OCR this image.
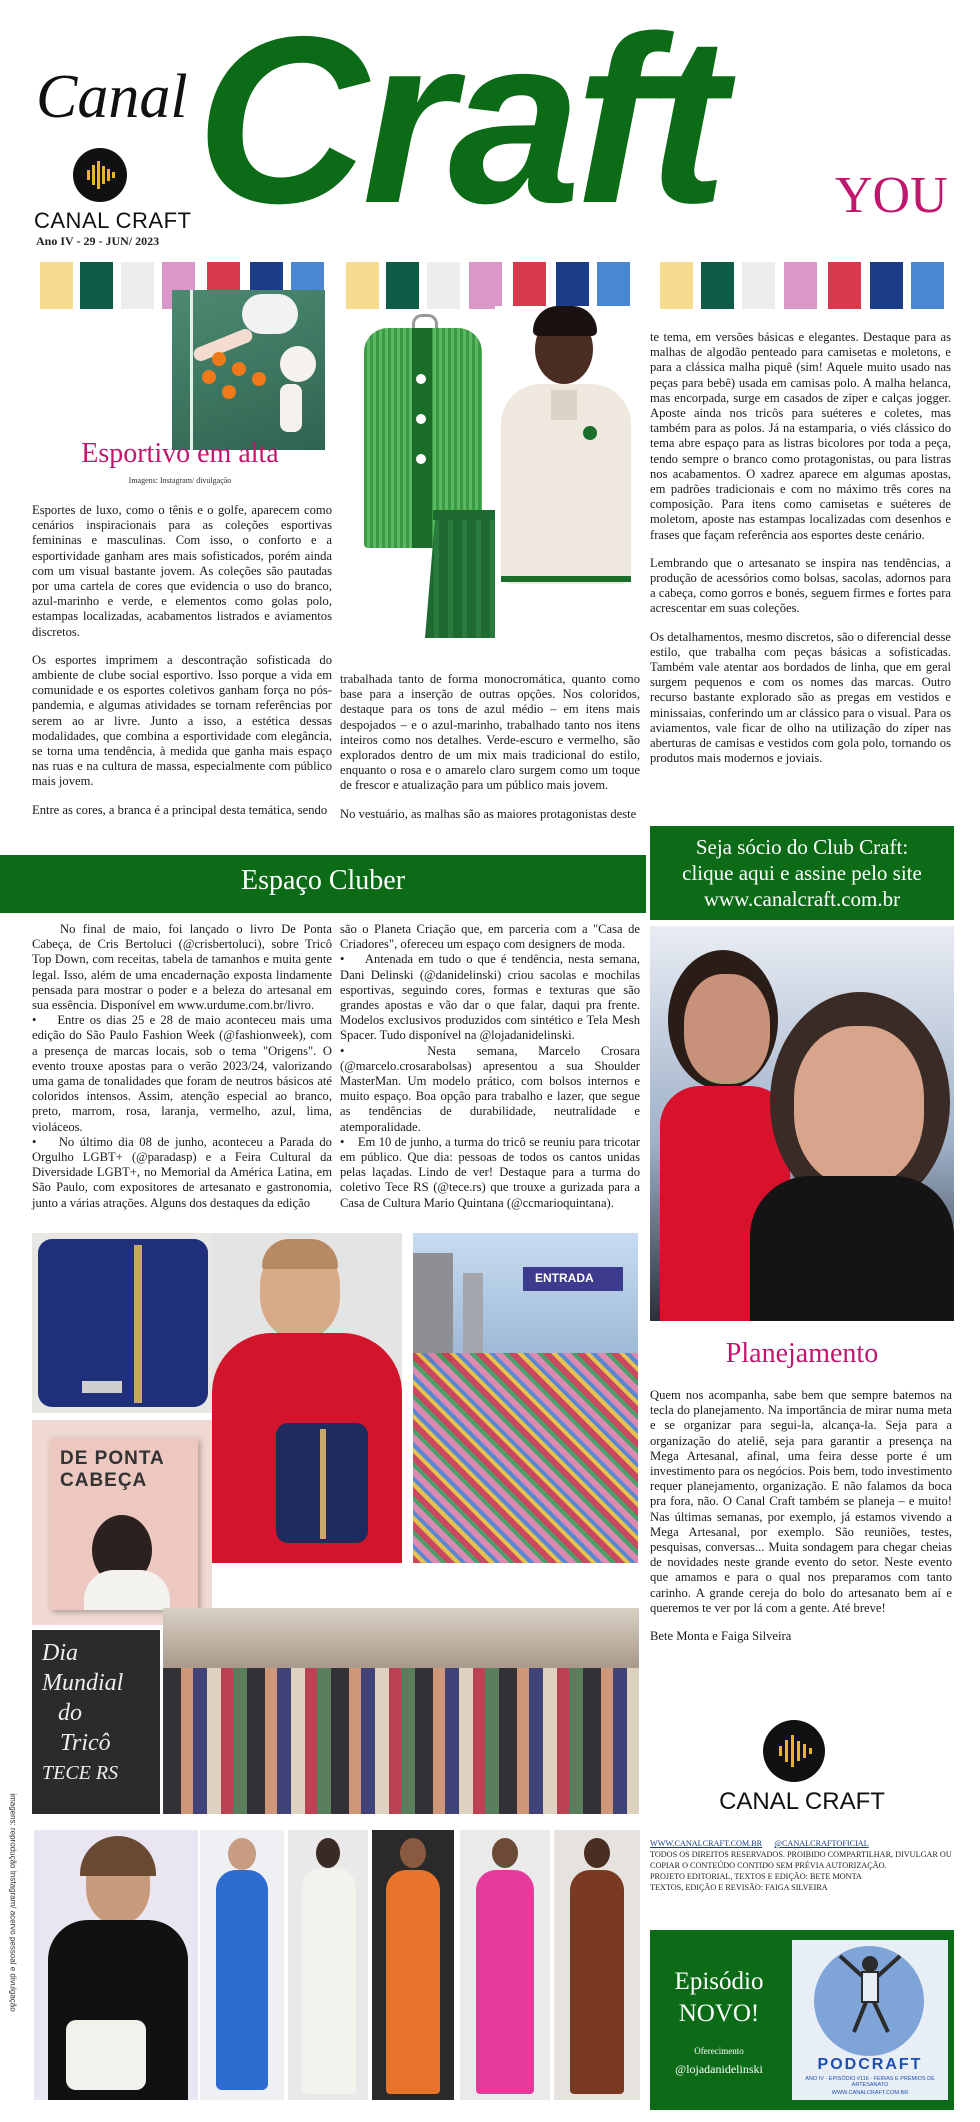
Canal Craft YOU
CANAL CRAFT
Ano IV - 29 - JUN/ 2023
Esportivo em alta
Imagens: Instagram/ divulgação

Esportes de luxo, como o tênis e o golfe, aparecem como cenários inspiracionais para as coleções esportivas femininas e masculinas. Com isso, o conforto e a esportividade ganham ares mais sofisticados, porém ainda com um visual bastante jovem. As coleções são pautadas por uma cartela de cores que evidencia o uso do branco, azul-marinho e verde, e elementos como golas polo, estampas localizadas, acabamentos listrados e aviamentos discretos.

Os esportes imprimem a descontração sofisticada do ambiente de clube social esportivo. Isso porque a vida em comunidade e os esportes coletivos ganham força no pós-pandemia, e algumas atividades se tornam referências por serem ao ar livre. Junto a isso, a estética dessas modalidades, que combina a esportividade com elegância, se torna uma tendência, à medida que ganha mais espaço nas ruas e na cultura de massa, especialmente com público mais jovem.

Entre as cores, a branca é a principal desta temática, sendo

trabalhada tanto de forma monocromática, quanto como base para a inserção de outras opções. Nos coloridos, destaque para os tons de azul médio – em itens mais despojados – e o azul-marinho, trabalhado tanto nos itens inteiros como nos detalhes. Verde-escuro e vermelho, são explorados dentro de um mix mais tradicional do estilo, enquanto o rosa e o amarelo claro surgem como um toque de frescor e atualização para um público mais jovem.

No vestuário, as malhas são as maiores protagonistas deste

te tema, em versões básicas e elegantes. Destaque para as malhas de algodão penteado para camisetas e moletons, e para a clássica malha piquê (sim! Aquele muito usado nas peças para bebê) usada em camisas polo. A malha helanca, mas encorpada, surge em casados de zíper e calças jogger. Aposte ainda nos tricôs para suéteres e coletes, mas também para as polos. Já na estamparia, o viés clássico do tema abre espaço para as listras bicolores por toda a peça, tendo sempre o branco como protagonistas, ou para listras nos acabamentos. O xadrez aparece em algumas apostas, em padrões tradicionais e com no máximo três cores na composição. Para itens como camisetas e suéteres de moletom, aposte nas estampas localizadas com desenhos e frases que façam referência aos esportes deste cenário.

Lembrando que o artesanato se inspira nas tendências, a produção de acessórios como bolsas, sacolas, adornos para a cabeça, como gorros e bonés, seguem firmes e fortes para acrescentar em suas coleções.

Os detalhamentos, mesmo discretos, são o diferencial desse estilo, que trabalha com peças básicas a sofisticadas. Também vale atentar aos bordados de linha, que em geral surgem pequenos e com os nomes das marcas. Outro recurso bastante explorado são as pregas em vestidos e minissaias, conferindo um ar clássico para o visual. Para os aviamentos, vale ficar de olho na utilização do zíper nas aberturas de camisas e vestidos com gola polo, tornando os produtos mais modernos e joviais.

Espaço Cluber
Seja sócio do Club Craft:
clique aqui e assine pelo site
www.canalcraft.com.br

No final de maio, foi lançado o livro De Ponta Cabeça, de Cris Bertoluci (@crisbertoluci), sobre Tricô Top Down, com receitas, tabela de tamanhos e muita gente legal. Isso, além de uma encadernação exposta lindamente pensada para mostrar o poder e a beleza do artesanal em sua essência. Disponível em www.urdume.com.br/livro.

•    Entre os dias 25 e 28 de maio aconteceu mais uma edição do São Paulo Fashion Week (@fashionweek), com a presença de marcas locais, sob o tema "Origens". O evento trouxe apostas para o verão 2023/24, valorizando uma gama de tonalidades que foram de neutros básicos até coloridos intensos. Assim, atenção especial ao branco, preto, marrom, rosa, laranja, vermelho, azul, lima, violáceos.

•    No último dia 08 de junho, aconteceu a Parada do Orgulho LGBT+ (@paradasp) e a Feira Cultural da Diversidade LGBT+, no Memorial da América Latina, em São Paulo, com expositores de artesanato e gastronomia, junto a várias atrações. Alguns dos destaques da edição

são o Planeta Criação que, em parceria com a "Casa de Criadores", ofereceu um espaço com designers de moda.

•    Antenada em tudo o que é tendência, nesta semana, Dani Delinski (@danidelinski) criou sacolas e mochilas esportivas, seguindo cores, formas e texturas que são grandes apostas e vão dar o que falar, daqui pra frente. Modelos exclusivos produzidos com sintético e Tela Mesh Spacer. Tudo disponível na @lojadanidelinski.

•    Nesta semana, Marcelo Crosara (@marcelo.crosarabolsas) apresentou a sua Shoulder MasterMan. Um modelo prático, com bolsos internos e muito espaço. Boa opção para trabalho e lazer, que segue as tendências de durabilidade, neutralidade e atemporalidade.

•    Em 10 de junho, a turma do tricô se reuniu para tricotar em público. Que dia: pessoas de todos os cantos unidas pelas laçadas. Lindo de ver! Destaque para a turma do coletivo Tece RS (@tece.rs) que trouxe a gurizada para a Casa de Cultura Mario Quintana (@ccmarioquintana).

DE PONTA
CABEÇA
ENTRADA
Dia
Mundial
do
Tricô
TECE RS
imagens: reprodução Instagram/ acervo pessoal e divulgação
Planejamento

Quem nos acompanha, sabe bem que sempre batemos na tecla do planejamento. Na importância de mirar numa meta e se organizar para segui-la, alcança-la. Seja para a organização do ateliê, seja para garantir a presença na Mega Artesanal, afinal, uma feira desse porte é um investimento para os negócios. Pois bem, todo investimento requer planejamento, organização. E não falamos da boca pra fora, não. O Canal Craft também se planeja – e muito! Nas últimas semanas, por exemplo, já estamos vivendo a Mega Artesanal, por exemplo. São reuniões, testes, pesquisas, conversas... Muita sondagem para chegar cheias de novidades neste grande evento do setor. Neste evento que amamos e para o qual nos preparamos com tanto carinho. A grande cereja do bolo do artesanato bem aí e queremos te ver por lá com a gente. Até breve!

Bete Monta e Faiga Silveira

CANAL CRAFT
WWW.CANALCRAFT.COM.BR @CANALCRAFTOFICIAL
TODOS OS DIREITOS RESERVADOS. PROIBIDO COMPARTILHAR, DIVULGAR OU COPIAR O CONTEÚDO CONTIDO SEM PRÉVIA AUTORIZAÇÃO.
PROJETO EDITORIAL, TEXTOS E EDIÇÃO: BETE MONTA
TEXTOS, EDIÇÃO E REVISÃO: FAIGA SILVEIRA
Episódio
NOVO!
Oferecimento
@lojadanidelinski	PODCRAFT
ANO IV · EPISÓDIO #116 · FEIRAS E PRÊMIOS DE ARTESANATO
WWW.CANALCRAFT.COM.BR
